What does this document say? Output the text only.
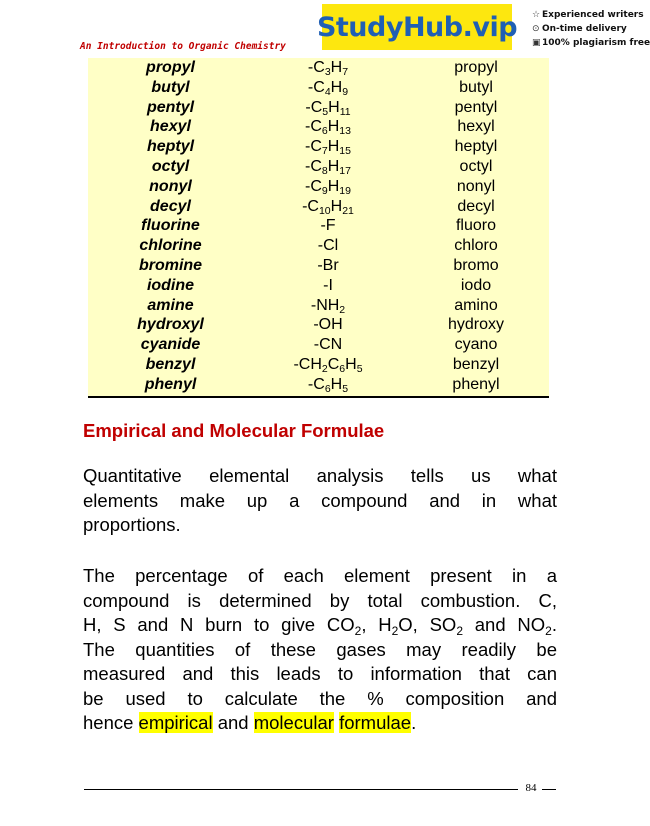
An Introduction to Organic Chemistry
StudyHub.vip ☆ Experienced writers
⊙ On-time delivery
▣100% plagiarism free
propyl	$-C_3H_7$	propyl
butyl	$-C_4H_9$	butyl
pentyl	$-C_5H_{11}$	pentyl
hexyl	$-C_6H_{13}$	hexyl
heptyl	$-C_7H_{15}$	heptyl
octyl	$-C_8H_{17}$	octyl
nonyl	$-C_9H_{19}$	nonyl
decyl	$-C_{10}H_{21}$	decyl
fluorine	-F	fluoro
chlorine	-Cl	chloro
bromine	-Br	bromo
iodine	-I	iodo
amine	$-NH_2$	amino
hydroxyl	-OH	hydroxy
cyanide	-CN	cyano
benzyl	$-CH_2C_6H_5$	benzyl
phenyl	$-C_6H_5$	phenyl
Empirical and Molecular Formulae
Quantitative elemental analysis tells us what
elements make up a compound and in what
proportions.
The percentage of each element present in a
compound is determined by total combustion. C,
H, S and N burn to give $CO_2$, $H_2O$, $SO_2$ and $NO_2$.
The quantities of these gases may readily be
measured and this leads to information that can
be used to calculate the % composition and
hence empirical and molecular formulae.
84
